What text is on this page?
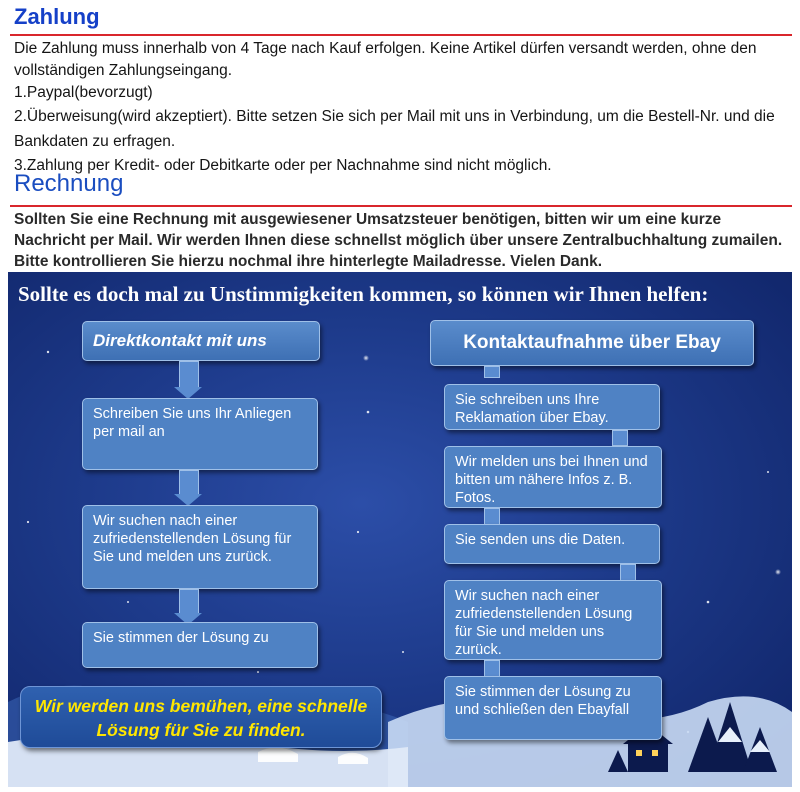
Zahlung
Die Zahlung muss innerhalb von 4 Tage nach Kauf erfolgen. Keine Artikel dürfen versandt werden, ohne den vollständigen Zahlungseingang.
1.Paypal(bevorzugt)
2.Überweisung(wird akzeptiert). Bitte setzen Sie sich per Mail mit uns in Verbindung, um die Bestell-Nr. und die Bankdaten zu erfragen.
3.Zahlung per Kredit- oder Debitkarte oder per Nachnahme sind nicht möglich.
Rechnung
Sollten Sie eine Rechnung mit ausgewiesener Umsatzsteuer benötigen, bitten wir um eine kurze Nachricht per Mail. Wir werden Ihnen diese schnellst möglich über unsere Zentralbuchhaltung zumailen. Bitte kontrollieren Sie hierzu nochmal ihre hinterlegte Mailadresse. Vielen Dank.
Sollte es doch mal zu Unstimmigkeiten kommen, so können wir Ihnen helfen:
Direktkontakt mit uns
Schreiben Sie uns Ihr Anliegen per mail an
Wir suchen nach einer zufriedenstellenden Lösung für Sie und melden uns zurück.
Sie stimmen der Lösung zu
Kontaktaufnahme über Ebay
Sie schreiben uns Ihre Reklamation über Ebay.
Wir melden uns bei Ihnen und bitten um nähere Infos z. B. Fotos.
Sie senden uns die Daten.
Wir suchen nach einer zufriedenstellenden Lösung für Sie und melden uns zurück.
Sie stimmen der Lösung zu und schließen den Ebayfall
Wir werden uns bemühen, eine schnelle Lösung für Sie zu finden.
